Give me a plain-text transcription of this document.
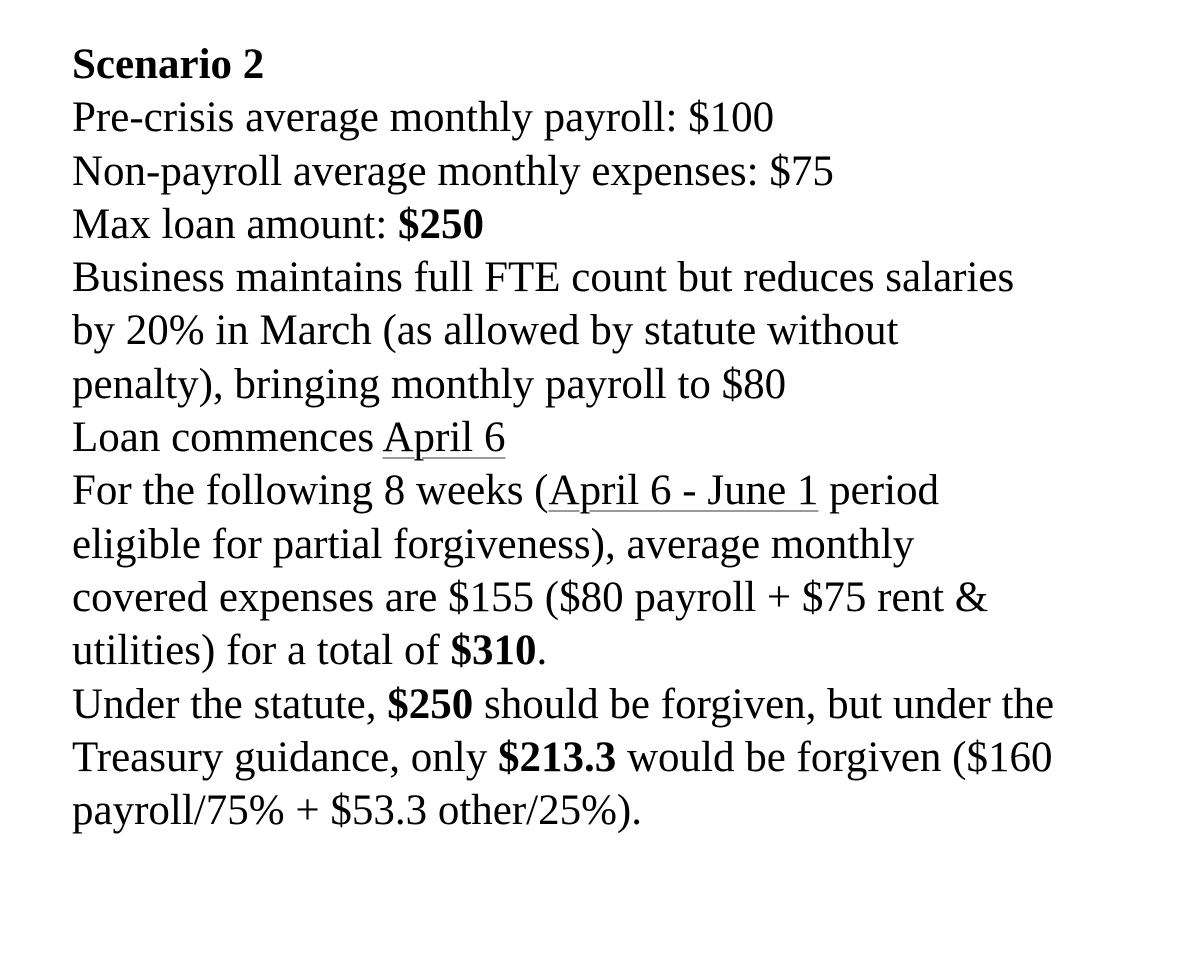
Scenario 2
Pre-crisis average monthly payroll: $100
Non-payroll average monthly expenses: $75
Max loan amount: $250
Business maintains full FTE count but reduces salaries
by 20% in March (as allowed by statute without
penalty), bringing monthly payroll to $80
Loan commences April 6
For the following 8 weeks (April 6 - June 1 period
eligible for partial forgiveness), average monthly
covered expenses are $155 ($80 payroll + $75 rent &
utilities) for a total of $310.
Under the statute, $250 should be forgiven, but under the
Treasury guidance, only $213.3 would be forgiven ($160
payroll/75% + $53.3 other/25%).
